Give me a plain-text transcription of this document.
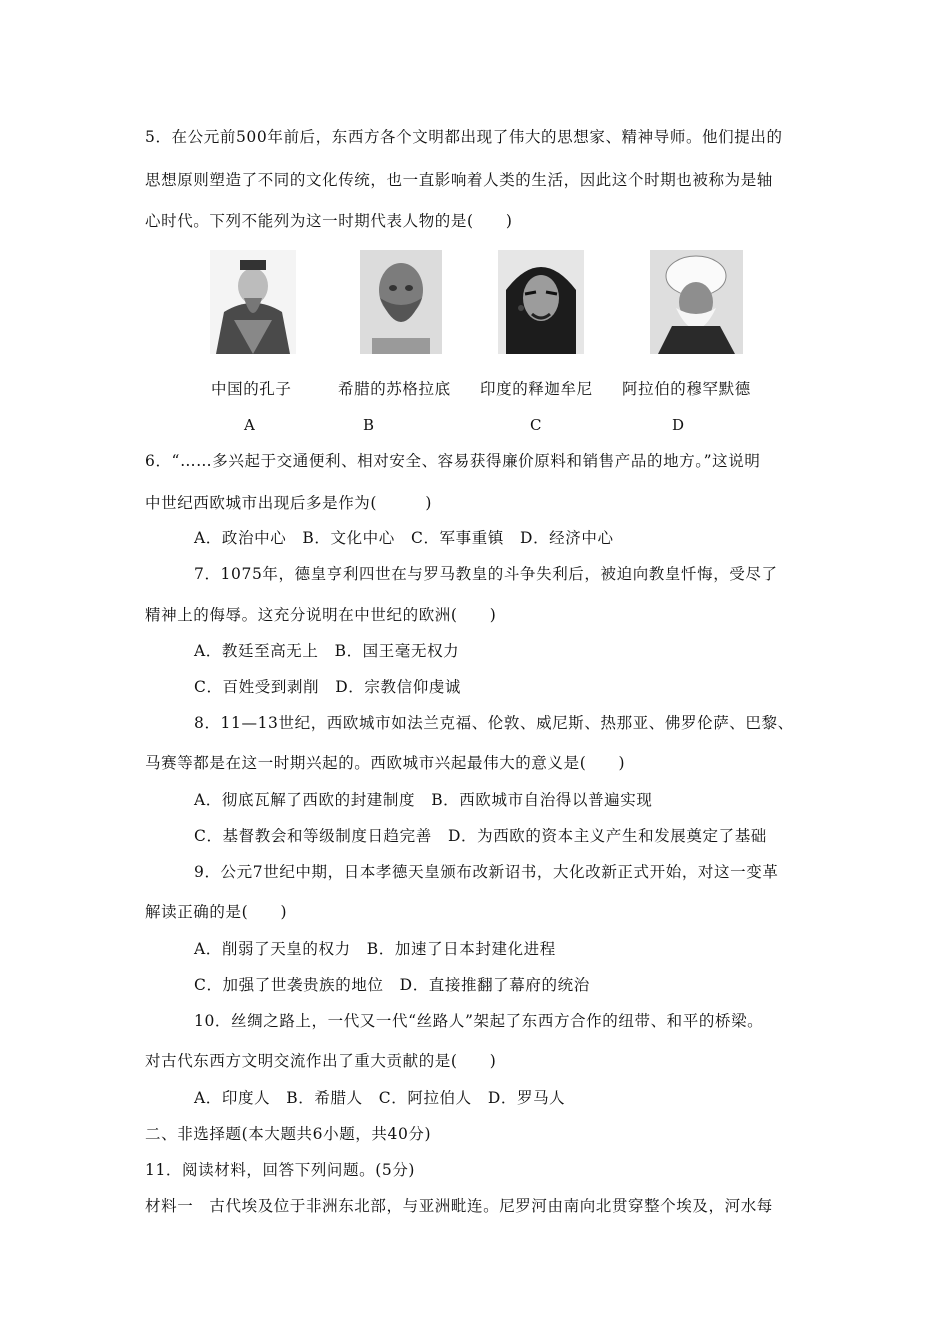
5．在公元前500年前后，东西方各个文明都出现了伟大的思想家、精神导师。他们提出的
思想原则塑造了不同的文化传统，也一直影响着人类的生活，因此这个时期也被称为是轴
心时代。下列不能列为这一时期代表人物的是(　　)
中国的孔子	希腊的苏格拉底 印度的释迦牟尼 阿拉伯的穆罕默德
A	B	C	D
6．“……多兴起于交通便利、相对安全、容易获得廉价原料和销售产品的地方。”这说明
中世纪西欧城市出现后多是作为(　　　)
A．政治中心　B．文化中心　C．军事重镇　D．经济中心
7．1075年，德皇亨利四世在与罗马教皇的斗争失利后，被迫向教皇忏悔，受尽了
精神上的侮辱。这充分说明在中世纪的欧洲(　　)
A．教廷至高无上　B．国王毫无权力
C．百姓受到剥削　D．宗教信仰虔诚
8．11—13世纪，西欧城市如法兰克福、伦敦、威尼斯、热那亚、佛罗伦萨、巴黎、
马赛等都是在这一时期兴起的。西欧城市兴起最伟大的意义是(　　)
A．彻底瓦解了西欧的封建制度　B．西欧城市自治得以普遍实现
C．基督教会和等级制度日趋完善　D．为西欧的资本主义产生和发展奠定了基础
9．公元7世纪中期，日本孝德天皇颁布改新诏书，大化改新正式开始，对这一变革
解读正确的是(　　)
A．削弱了天皇的权力　B．加速了日本封建化进程
C．加强了世袭贵族的地位　D．直接推翻了幕府的统治
10．丝绸之路上，一代又一代“丝路人”架起了东西方合作的纽带、和平的桥梁。
对古代东西方文明交流作出了重大贡献的是(　　)
A．印度人　B．希腊人　C．阿拉伯人　D．罗马人
二、非选择题(本大题共6小题，共40分)
11．阅读材料，回答下列问题。(5分)
材料一　古代埃及位于非洲东北部，与亚洲毗连。尼罗河由南向北贯穿整个埃及，河水每
